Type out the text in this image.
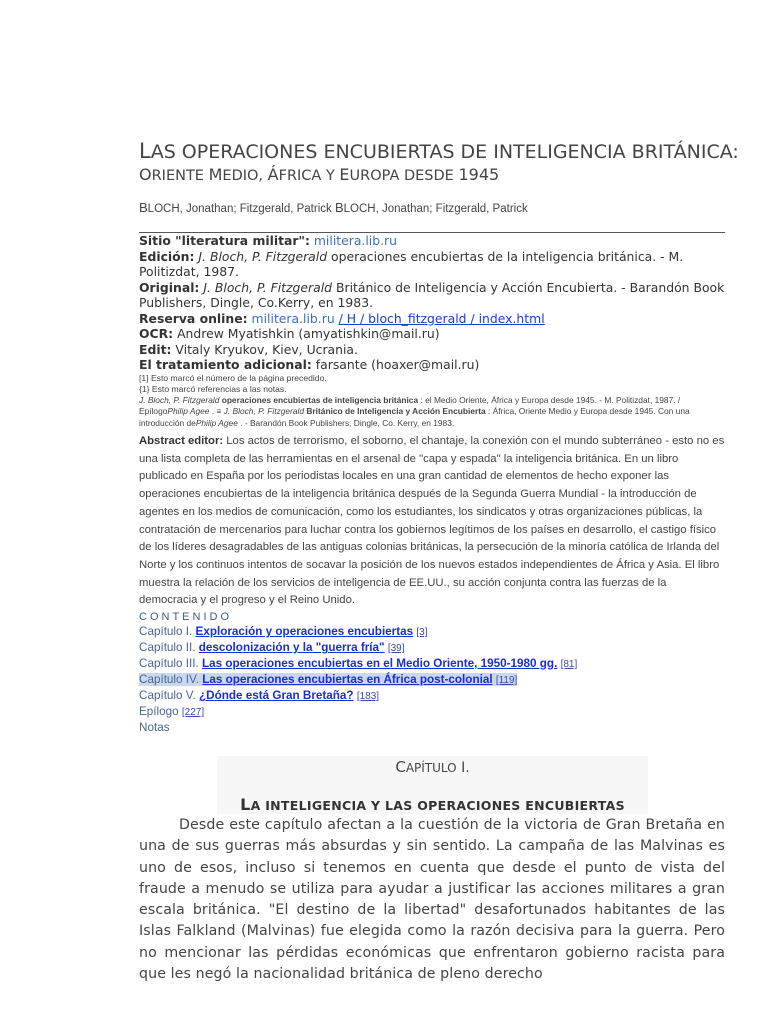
LAS OPERACIONES ENCUBIERTAS DE INTELIGENCIA BRITÁNICA:
ORIENTE MEDIO, ÁFRICA Y EUROPA DESDE 1945
BLOCH, Jonathan; Fitzgerald, Patrick BLOCH, Jonathan; Fitzgerald, Patrick
Sitio "literatura militar": militera.lib.ru
Edición: J. Bloch, P. Fitzgerald operaciones encubiertas de la inteligencia británica. - M. Politizdat, 1987.
Original: J. Bloch, P. Fitzgerald Británico de Inteligencia y Acción Encubierta. - Barandón Book Publishers, Dingle, Co.Kerry, en 1983.
Reserva online: militera.lib.ru / H / bloch_fitzgerald / index.html
OCR: Andrew Myatishkin (amyatishkin@mail.ru)
Edit: Vitaly Kryukov, Kiev, Ucrania.
El tratamiento adicional: farsante (hoaxer@mail.ru)
[1] Esto marcó el número de la página precedido.
{1} Esto marcó referencias a las notas.
J. Bloch, P. Fitzgerald operaciones encubiertas de inteligencia británica : el Medio Oriente, África y Europa desde 1945. - M. Politizdat, 1987. / EpílogoPhilip Agee . ≡ J. Bloch, P. Fitzgerald Británico de Inteligencia y Acción Encubierta : África, Oriente Medio y Europa desde 1945. Con una introducción dePhilip Agee . - Barandón Book Publishers, Dingle, Co. Kerry, en 1983.
Abstract editor: Los actos de terrorismo, el soborno, el chantaje, la conexión con el mundo subterráneo - esto no es una lista completa de las herramientas en el arsenal de "capa y espada" la inteligencia británica. En un libro publicado en España por los periodistas locales en una gran cantidad de elementos de hecho exponer las operaciones encubiertas de la inteligencia británica después de la Segunda Guerra Mundial - la introducción de agentes en los medios de comunicación, como los estudiantes, los sindicatos y otras organizaciones públicas, la contratación de mercenarios para luchar contra los gobiernos legítimos de los países en desarrollo, el castigo físico de los líderes desagradables de las antiguas colonias británicas, la persecución de la minoría católica de Irlanda del Norte y los continuos intentos de socavar la posición de los nuevos estados independientes de África y Asia. El libro muestra la relación de los servicios de inteligencia de EE.UU., su acción conjunta contra las fuerzas de la democracia y el progreso y el Reino Unido.
CONTENIDO
Capítulo I. Exploración y operaciones encubiertas [3]
Capítulo II. descolonización y la "guerra fría" [39]
Capítulo III. Las operaciones encubiertas en el Medio Oriente, 1950-1980 gg. [81]
Capítulo IV. Las operaciones encubiertas en África post-colonial [119]
Capítulo V. ¿Dónde está Gran Bretaña? [183]
Epílogo [227]
Notas
CAPÍTULO I.
LA INTELIGENCIA Y LAS OPERACIONES ENCUBIERTAS
Desde este capítulo afectan a la cuestión de la victoria de Gran Bretaña en una de sus guerras más absurdas y sin sentido. La campaña de las Malvinas es uno de esos, incluso si tenemos en cuenta que desde el punto de vista del fraude a menudo se utiliza para ayudar a justificar las acciones militares a gran escala británica. "El destino de la libertad" desafortunados habitantes de las Islas Falkland (Malvinas) fue elegida como la razón decisiva para la guerra. Pero no mencionar las pérdidas económicas que enfrentaron gobierno racista para que les negó la nacionalidad británica de pleno derecho
